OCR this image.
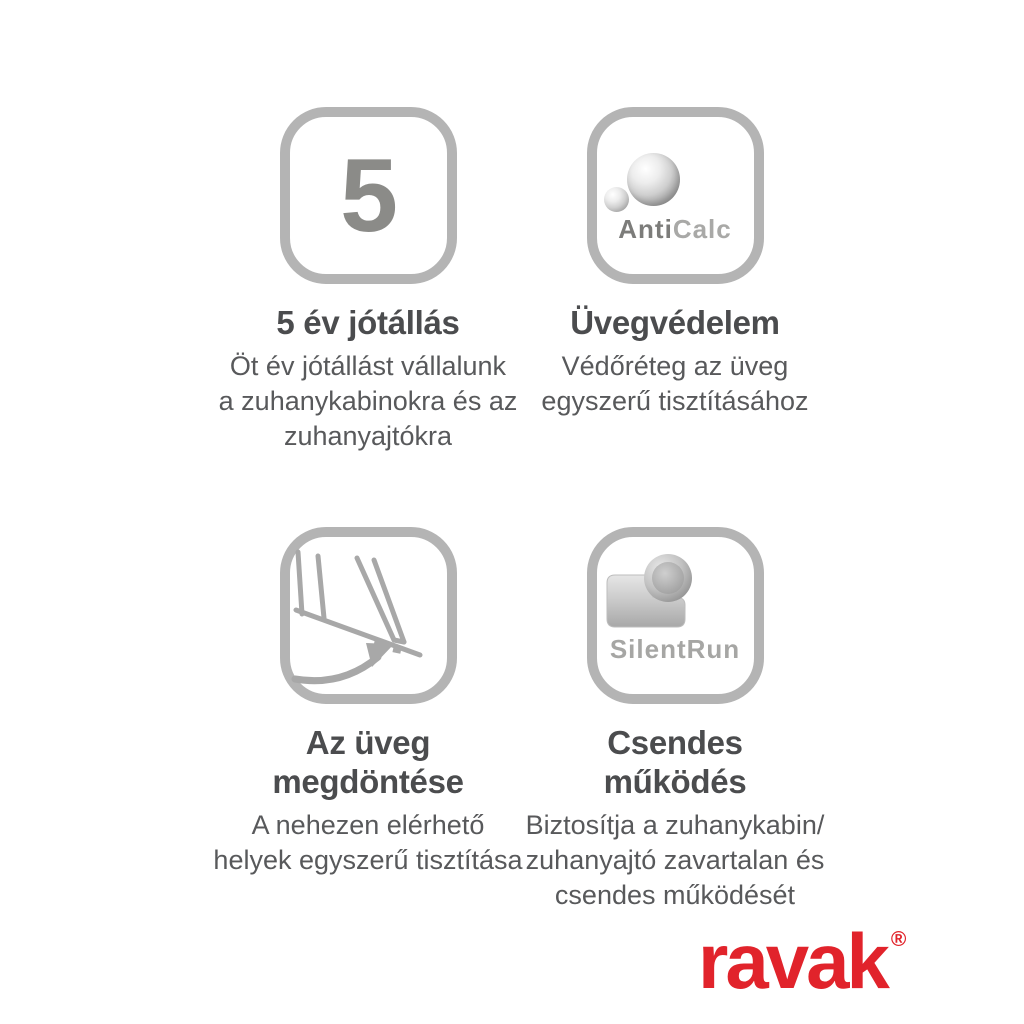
5
5 év jótállás

Öt év jótállást vállalunk
a zuhanykabinokra és az
zuhanyajtókra

AntiCalc
Üvegvédelem

Védőréteg az üveg
egyszerű tisztításához

Az üveg
megdöntése

A nehezen elérhető
helyek egyszerű tisztítása

SilentRun
Csendes
működés

Biztosítja a zuhanykabin/
zuhanyajtó zavartalan és
csendes működését

ravak ®
